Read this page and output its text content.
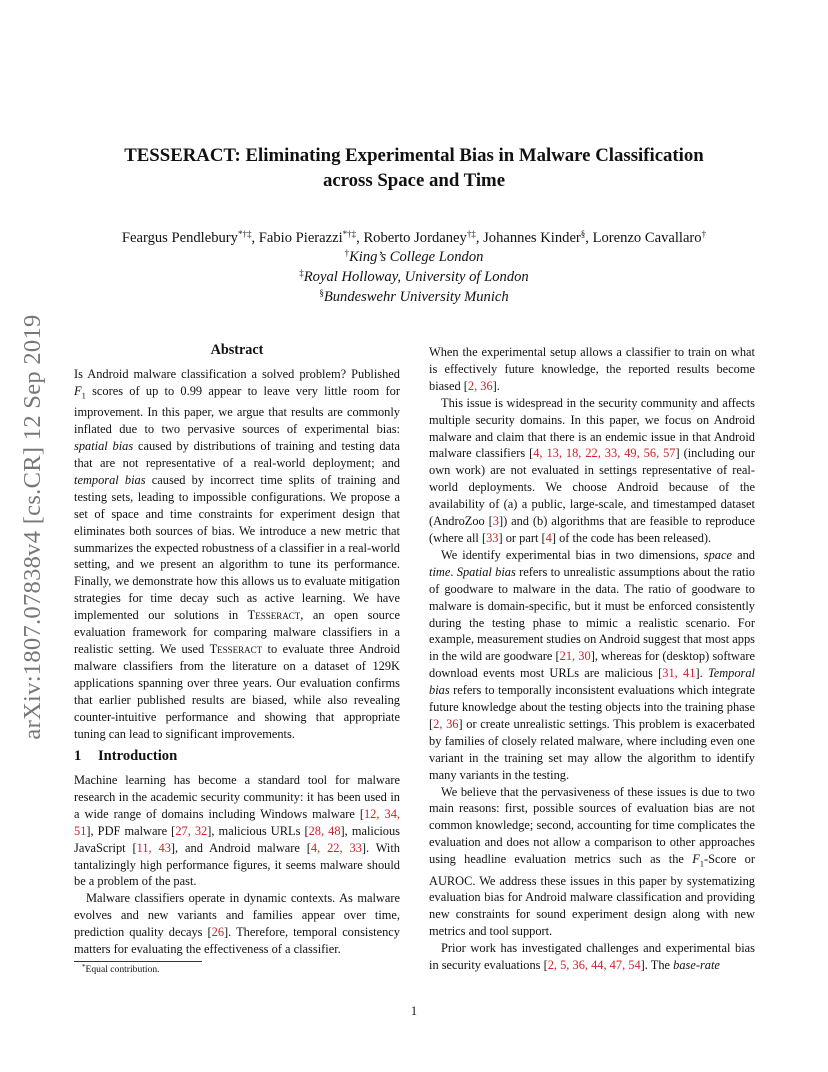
arXiv:1807.07838v4 [cs.CR] 12 Sep 2019
TESSERACT: Eliminating Experimental Bias in Malware Classification
across Space and Time
Feargus Pendlebury*†‡, Fabio Pierazzi*†‡, Roberto Jordaney†‡, Johannes Kinder§, Lorenzo Cavallaro†
†King’s College London
‡Royal Holloway, University of London
§Bundeswehr University Munich
Abstract

Is Android malware classification a solved problem? Published $F_1$ scores of up to 0.99 appear to leave very little room for improvement. In this paper, we argue that results are commonly inflated due to two pervasive sources of experimental bias: spatial bias caused by distributions of training and testing data that are not representative of a real-world deployment; and temporal bias caused by incorrect time splits of training and testing sets, leading to impossible configurations. We propose a set of space and time constraints for experiment design that eliminates both sources of bias. We introduce a new metric that summarizes the expected robustness of a classifier in a real-world setting, and we present an algorithm to tune its performance. Finally, we demonstrate how this allows us to evaluate mitigation strategies for time decay such as active learning. We have implemented our solutions in Tesseract, an open source evaluation framework for comparing malware classifiers in a realistic setting. We used Tesseract to evaluate three Android malware classifiers from the literature on a dataset of 129K applications spanning over three years. Our evaluation confirms that earlier published results are biased, while also revealing counter-intuitive performance and showing that appropriate tuning can lead to significant improvements.

1 Introduction

Machine learning has become a standard tool for malware research in the academic security community: it has been used in a wide range of domains including Windows malware [12, 34, 51], PDF malware [27, 32], malicious URLs [28, 48], malicious JavaScript [11, 43], and Android malware [4, 22, 33]. With tantalizingly high performance figures, it seems malware should be a problem of the past.

Malware classifiers operate in dynamic contexts. As malware evolves and new variants and families appear over time, prediction quality decays [26]. Therefore, temporal consistency matters for evaluating the effectiveness of a classifier.

When the experimental setup allows a classifier to train on what is effectively future knowledge, the reported results become biased [2, 36].

This issue is widespread in the security community and affects multiple security domains. In this paper, we focus on Android malware and claim that there is an endemic issue in that Android malware classifiers [4, 13, 18, 22, 33, 49, 56, 57] (including our own work) are not evaluated in settings representative of real-world deployments. We choose Android because of the availability of (a) a public, large-scale, and timestamped dataset (AndroZoo [3]) and (b) algorithms that are feasible to reproduce (where all [33] or part [4] of the code has been released).

We identify experimental bias in two dimensions, space and time. Spatial bias refers to unrealistic assumptions about the ratio of goodware to malware in the data. The ratio of goodware to malware is domain-specific, but it must be enforced consistently during the testing phase to mimic a realistic scenario. For example, measurement studies on Android suggest that most apps in the wild are goodware [21, 30], whereas for (desktop) software download events most URLs are malicious [31, 41]. Temporal bias refers to temporally inconsistent evaluations which integrate future knowledge about the testing objects into the training phase [2, 36] or create unrealistic settings. This problem is exacerbated by families of closely related malware, where including even one variant in the training set may allow the algorithm to identify many variants in the testing.

We believe that the pervasiveness of these issues is due to two main reasons: first, possible sources of evaluation bias are not common knowledge; second, accounting for time complicates the evaluation and does not allow a comparison to other approaches using headline evaluation metrics such as the $F_1$-Score or AUROC. We address these issues in this paper by systematizing evaluation bias for Android malware classification and providing new constraints for sound experiment design along with new metrics and tool support.

Prior work has investigated challenges and experimental bias in security evaluations [2, 5, 36, 44, 47, 54]. The base-rate

*Equal contribution.
1
